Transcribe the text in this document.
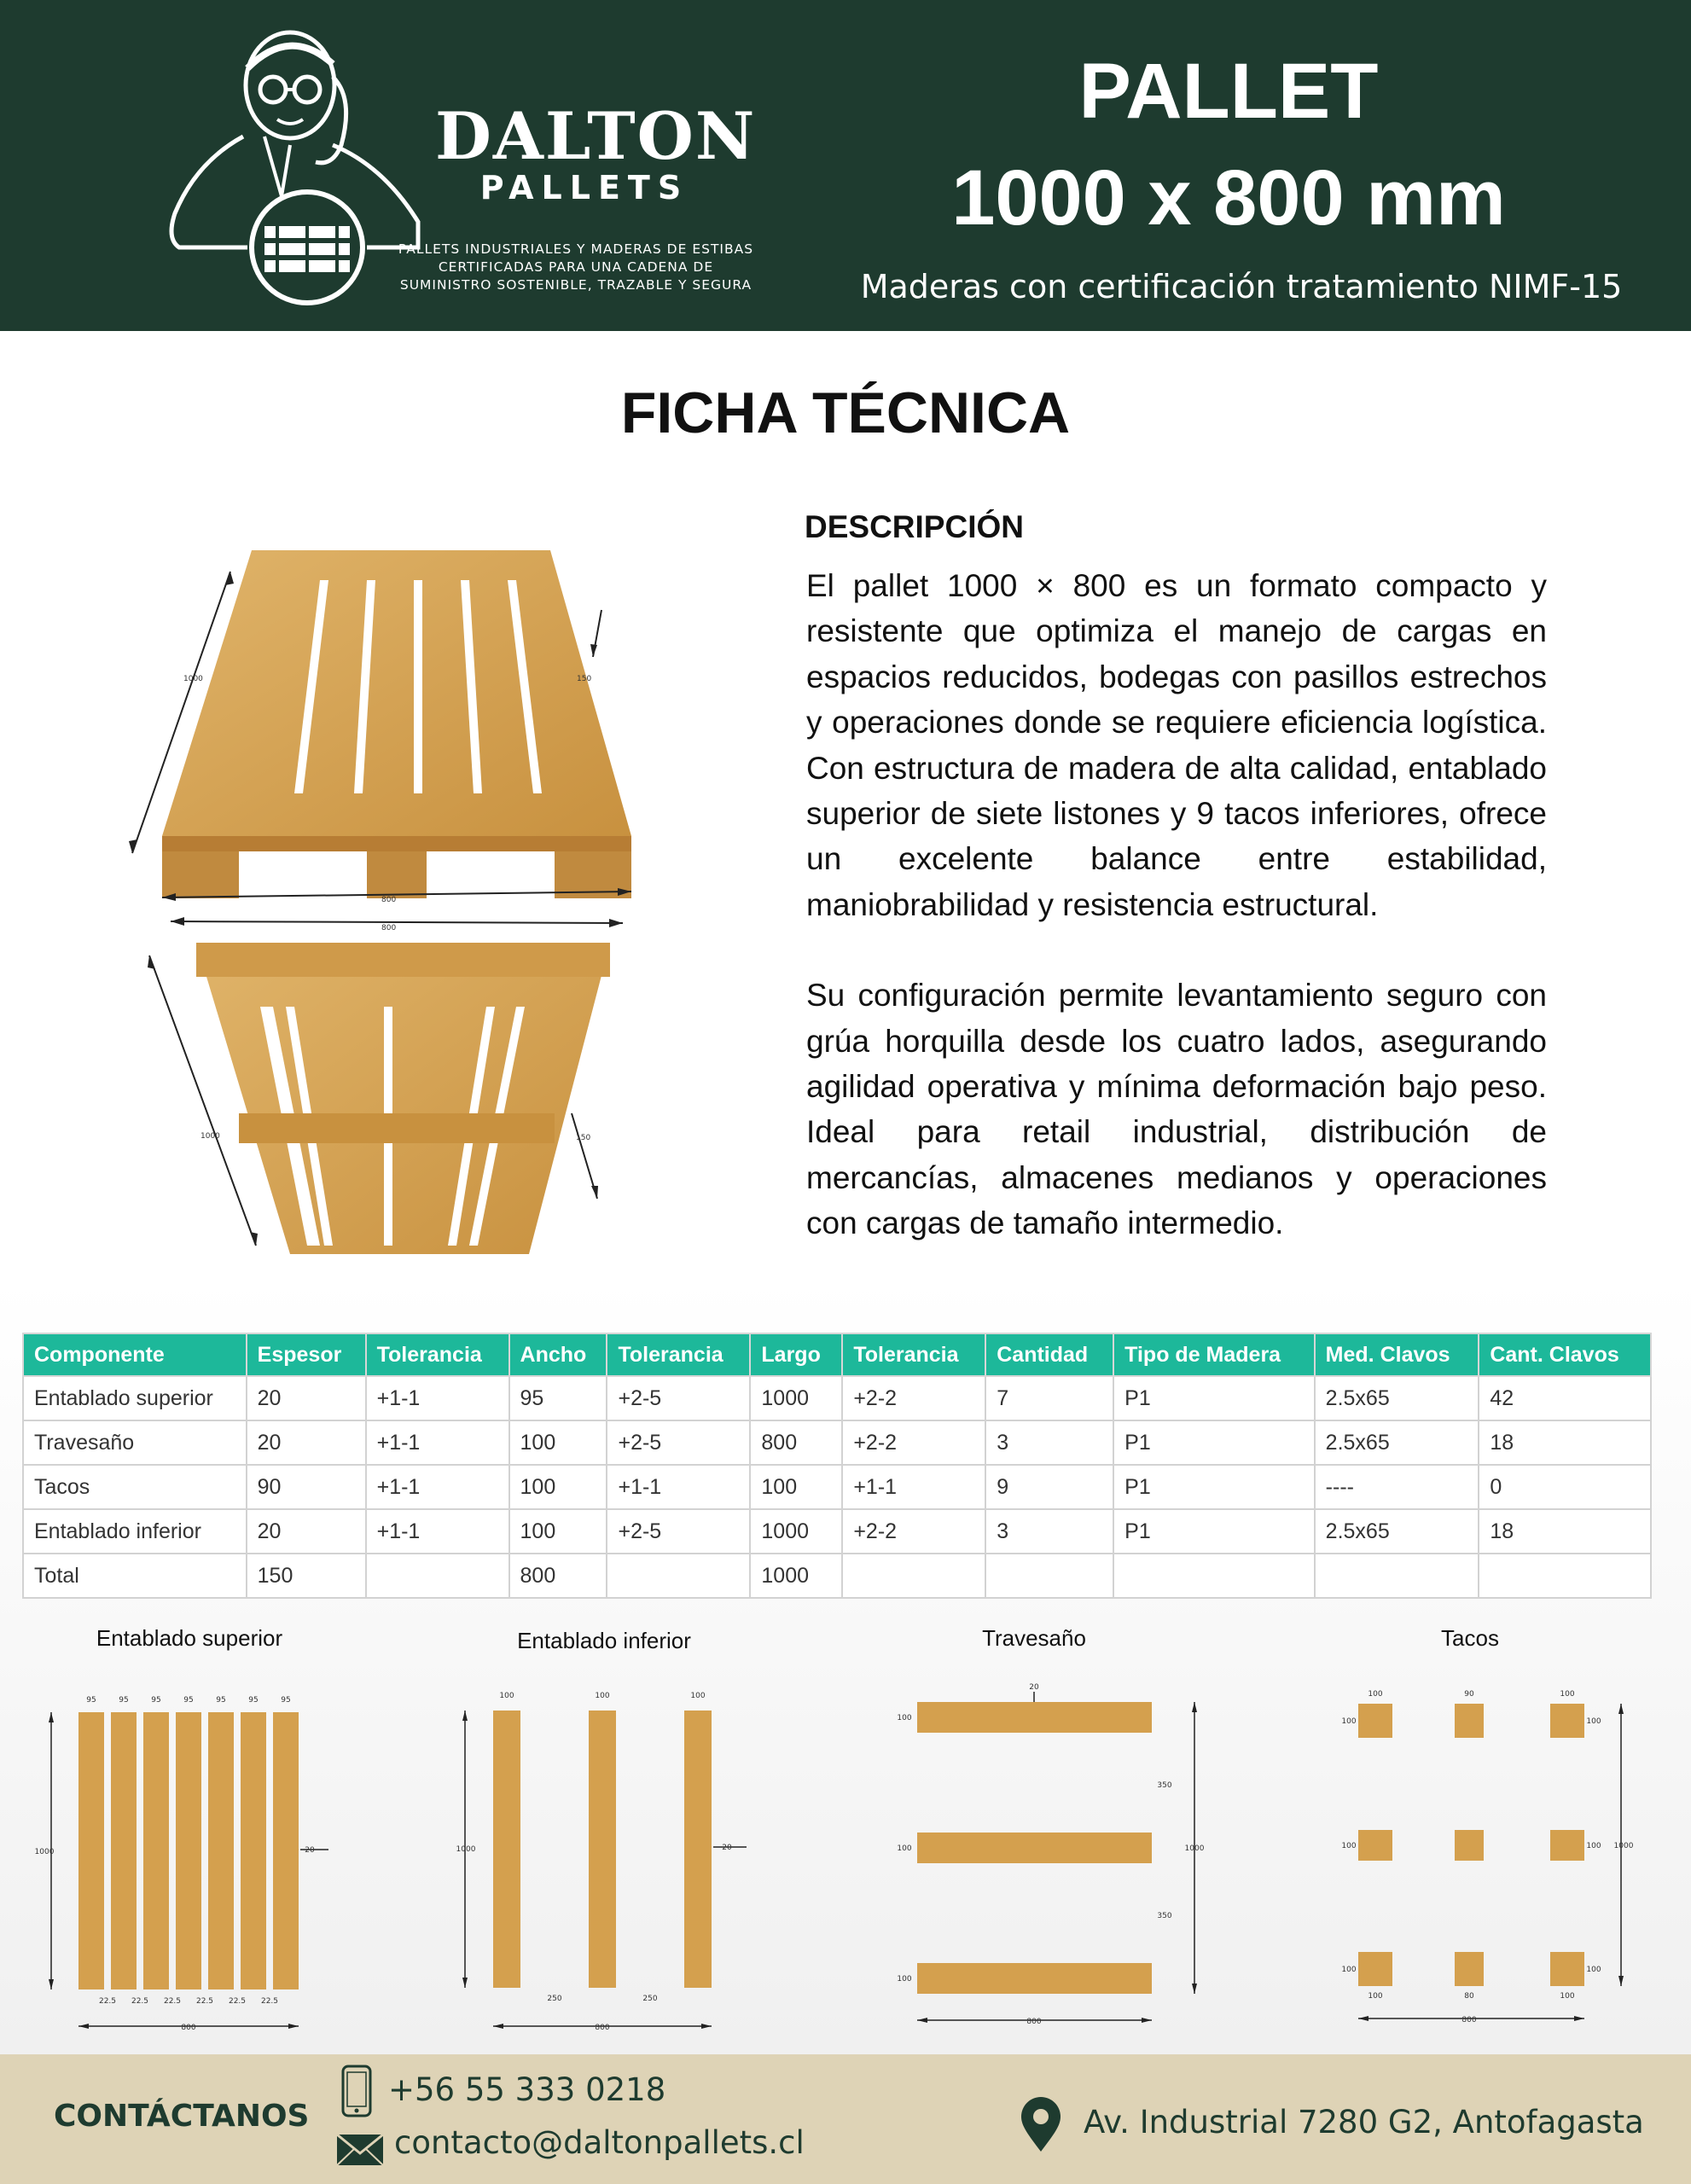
DALTON
PALLETS
PALLETS INDUSTRIALES Y MADERAS DE ESTIBAS
CERTIFICADAS PARA UNA CADENA DE
SUMINISTRO SOSTENIBLE, TRAZABLE Y SEGURA
PALLET
1000 x 800 mm
Maderas con certificación tratamiento NIMF-15
FICHA TÉCNICA
1000	150
800
800
1000	150
DESCRIPCIÓN

El pallet 1000 × 800 es un formato compacto y resistente que optimiza el manejo de cargas en espacios reducidos, bodegas con pasillos estrechos y operaciones donde se requiere eficiencia logística. Con estructura de madera de alta calidad, entablado superior de siete listones y 9 tacos inferiores, ofrece un excelente balance entre estabilidad, maniobrabilidad y resistencia estructural.

Su configuración permite levantamiento seguro con grúa horquilla desde los cuatro lados, asegurando agilidad operativa y mínima deformación bajo peso. Ideal para retail industrial, distribución de mercancías, almacenes medianos y operaciones con cargas de tamaño intermedio.

Componente	Espesor	Tolerancia	Ancho	Tolerancia	Largo	Tolerancia	Cantidad	Tipo de Madera	Med. Clavos	Cant. Clavos
Entablado superior	20	+1-1	95	+2-5	1000	+2-2	7	P1	2.5x65	42
Travesaño	20	+1-1	100	+2-5	800	+2-2	3	P1	2.5x65	18
Tacos	90	+1-1	100	+1-1	100	+1-1	9	P1	----	0
Entablado inferior	20	+1-1	100	+2-5	1000	+2-2	3	P1	2.5x65	18
Total	150		800		1000					
Entablado superior	Entablado inferior	Travesaño	Tacos
95	95	95	95	95	95	95
1000	20
22.5 22.5 22.5 22.5 22.5 22.5
800
100	100	100
1000	20
250	250
800
20
100
100
100
350
350
1000
800
100	90	100
100	100
100	100
100	100
100	80	100
1000
800
CONTÁCTANOS
+56 55 333 0218
contacto@daltonpallets.cl
Av. Industrial 7280 G2, Antofagasta
